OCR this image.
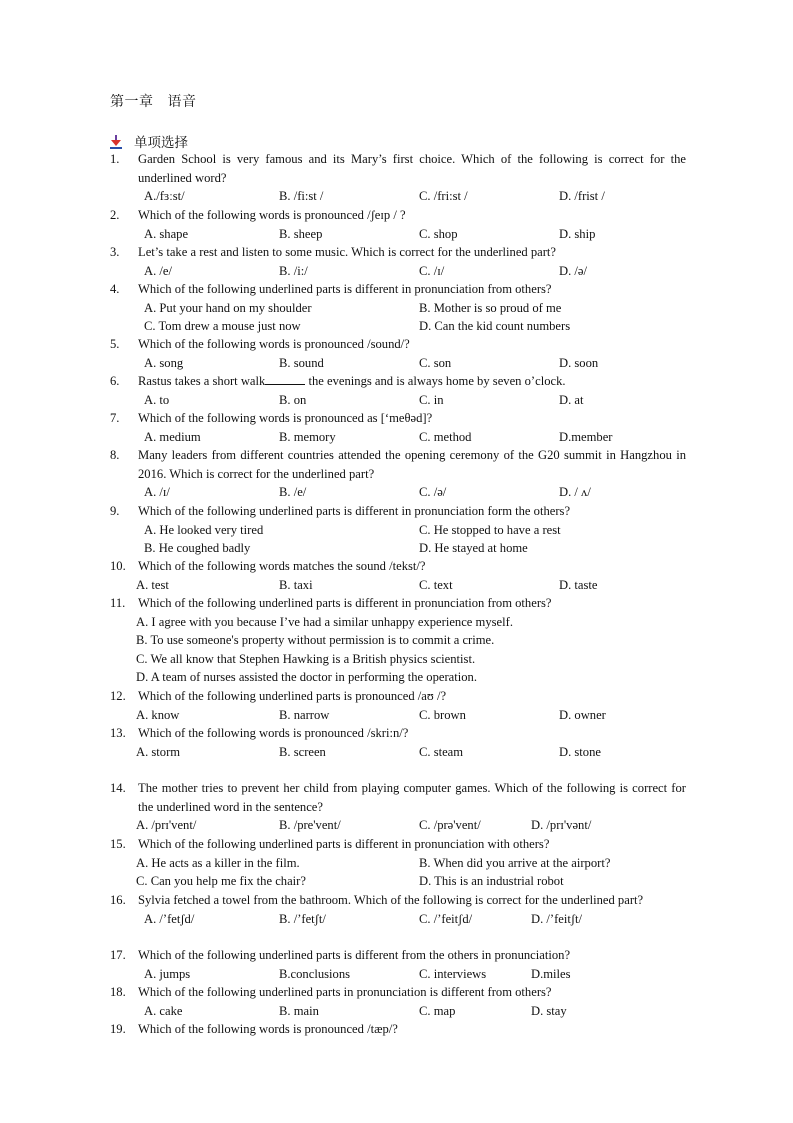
第一章 语音
单项选择
1.	Garden School is very famous and its Mary’s first choice. Which of the following is correct for the underlined word?
A./fɜːst/	B. /fi:st /	C. /fri:st /	D. /frist /
2.	Which of the following words is pronounced /ʃeɪp / ?
A. shape	B. sheep	C. shop	D. ship
3.	Let’s take a rest and listen to some music. Which is correct for the underlined part?
A. /e/	B. /i:/	C. /ɪ/	D. /ə/
4.	Which of the following underlined parts is different in pronunciation from others?
A. Put your hand on my shoulder	B. Mother is so proud of me
C. Tom drew a mouse just now	D. Can the kid count numbers
5.	Which of the following words is pronounced /sound/?
A. song	B. sound	C. son	D. soon
6.	Rastus takes a short walk	the evenings and is always home by seven o’clock.
A. to	B. on	C. in	D. at
7.	Which of the following words is pronounced as [‘meθəd]?
A. medium	B. memory	C. method	D.member
8.	Many leaders from different countries attended the opening ceremony of the G20 summit in Hangzhou in 2016. Which is correct for the underlined part?
A. /ɪ/	B. /e/	C. /ə/	D. / ʌ/
9.	Which of the following underlined parts is different in pronunciation form the others?
A. He looked very tired	C. He stopped to have a rest
B. He coughed badly	D. He stayed at home
10. Which of the following words matches the sound /tekst/?
A. test	B. taxi	C. text	D. taste
11.	Which of the following underlined parts is different in pronunciation from others?
A. I agree with you because I’ve had a similar unhappy experience myself.
B. To use someone's property without permission is to commit a crime.
C. We all know that Stephen Hawking is a British physics scientist.
D. A team of nurses assisted the doctor in performing the operation.
12. Which of the following underlined parts is pronounced /aʊ /?
A. know	B. narrow	C. brown	D. owner
13. Which of the following words is pronounced /skri:n/?
A. storm	B. screen	C. steam	D. stone
14. The mother tries to prevent her child from playing computer games. Which of the following is correct for the underlined word in the sentence?
A. /prɪ'vent/	B. /pre'vent/	C. /prə'vent/	D. /prɪ'vənt/
15. Which of the following underlined parts is different in pronunciation with others?
A. He acts as a killer in the film.	B. When did you arrive at the airport?
C. Can you help me fix the chair?	D. This is an industrial robot
16. Sylvia fetched a towel from the bathroom. Which of the following is correct for the underlined part?
A. /’fetʃd/	B. /’fetʃt/	C. /’feitʃd/	D. /’feitʃt/
17. Which of the following underlined parts is different from the others in pronunciation?
A. jumps	B.conclusions	C. interviews	D.miles
18. Which of the following underlined parts in pronunciation is different from others?
A. cake	B. main	C. map	D. stay
19. Which of the following words is pronounced /tæp/?
